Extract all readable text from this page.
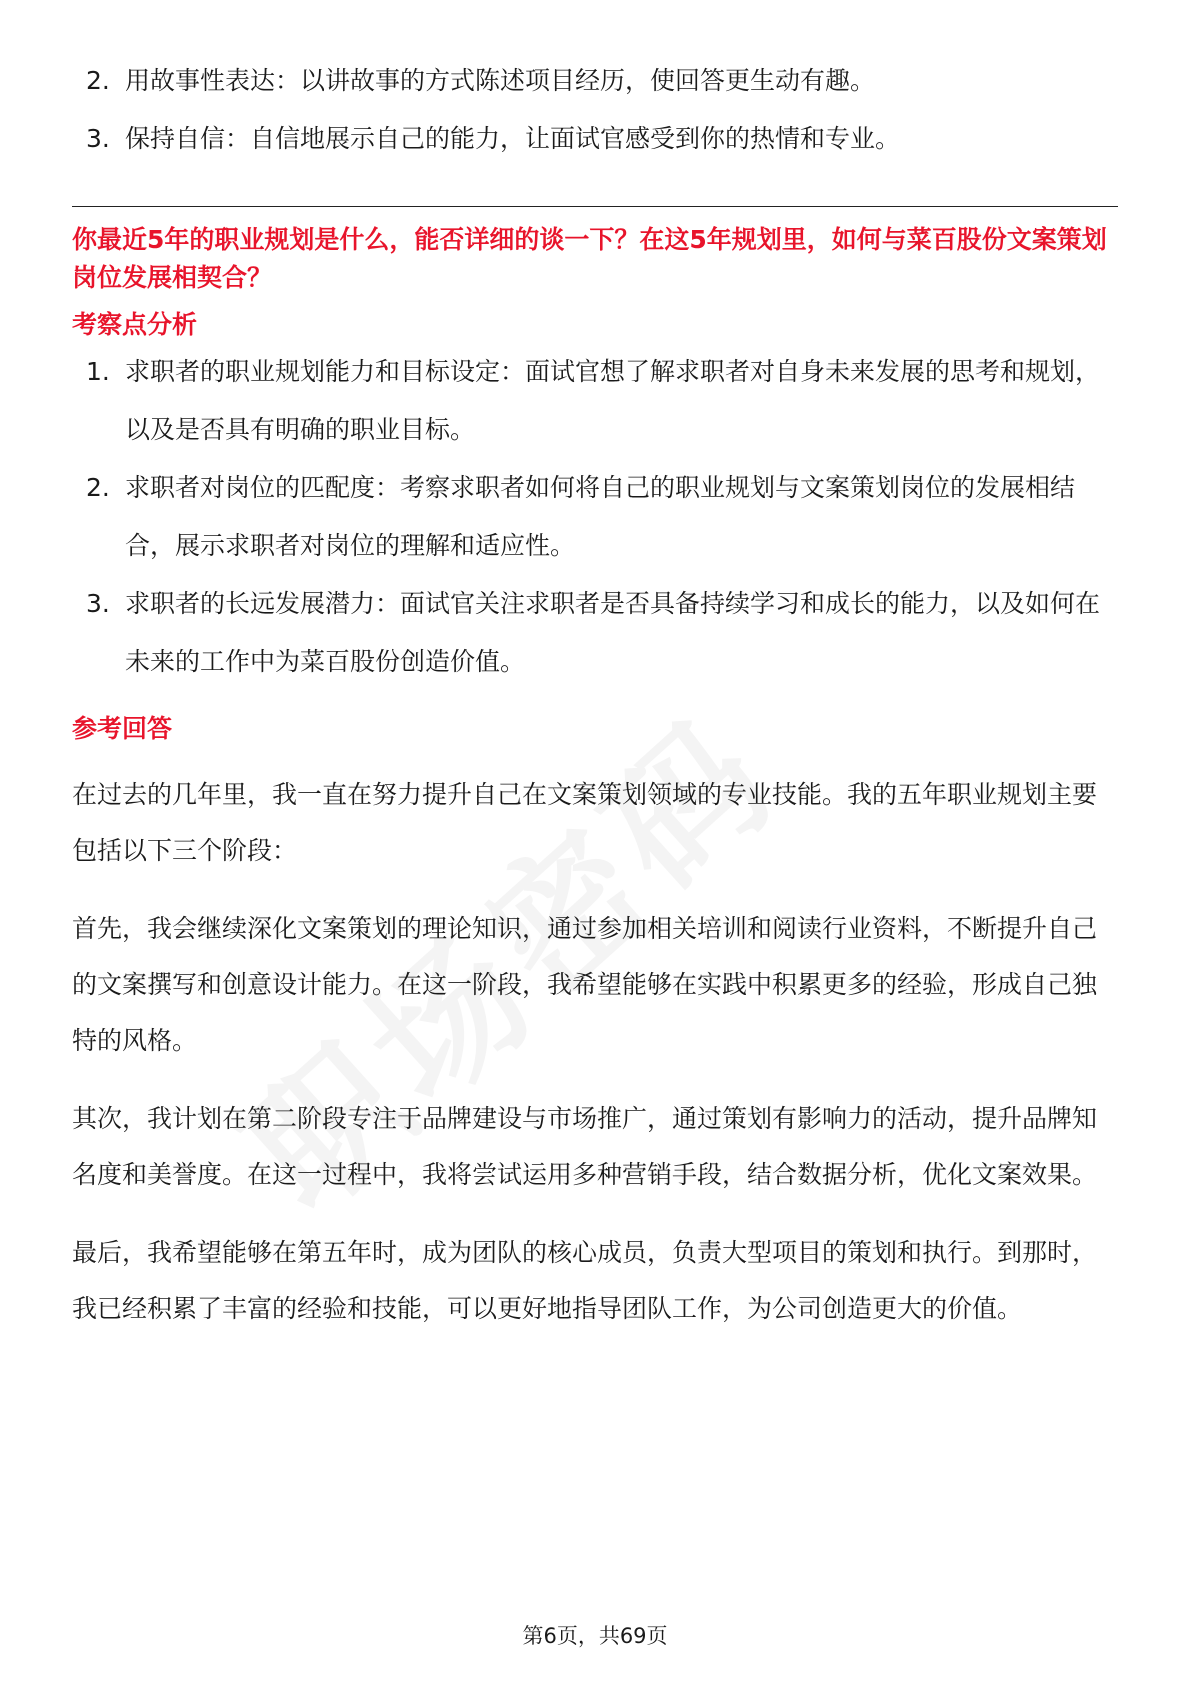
2. 用故事性表达：以讲故事的方式陈述项目经历，使回答更生动有趣。
3. 保持自信：自信地展示自己的能力，让面试官感受到你的热情和专业。
你最近5年的职业规划是什么，能否详细的谈一下？在这5年规划里，如何与菜百股份文案策划岗位发展相契合？
考察点分析
1. 求职者的职业规划能力和目标设定：面试官想了解求职者对自身未来发展的思考和规划，以及是否具有明确的职业目标。
2. 求职者对岗位的匹配度：考察求职者如何将自己的职业规划与文案策划岗位的发展相结合，展示求职者对岗位的理解和适应性。
3. 求职者的长远发展潜力：面试官关注求职者是否具备持续学习和成长的能力，以及如何在未来的工作中为菜百股份创造价值。
参考回答

在过去的几年里，我一直在努力提升自己在文案策划领域的专业技能。我的五年职业规划主要包括以下三个阶段：

首先，我会继续深化文案策划的理论知识，通过参加相关培训和阅读行业资料，不断提升自己的文案撰写和创意设计能力。在这一阶段，我希望能够在实践中积累更多的经验，形成自己独特的风格。

其次，我计划在第二阶段专注于品牌建设与市场推广，通过策划有影响力的活动，提升品牌知名度和美誉度。在这一过程中，我将尝试运用多种营销手段，结合数据分析，优化文案效果。

最后，我希望能够在第五年时，成为团队的核心成员，负责大型项目的策划和执行。到那时，我已经积累了丰富的经验和技能，可以更好地指导团队工作，为公司创造更大的价值。

第6页，共69页
